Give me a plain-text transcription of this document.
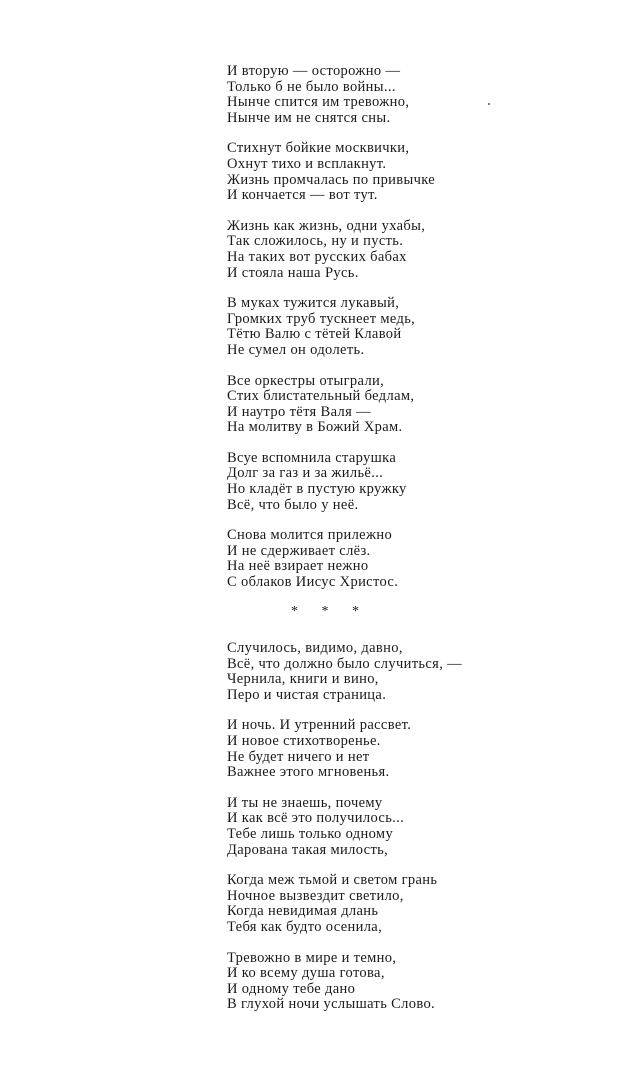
И вторую — осторожно —
Только б не было войны...
Нынче спится им тревожно,
Нынче им не снятся сны.
Стихнут бойкие москвички,
Охнут тихо и всплакнут.
Жизнь промчалась по привычке
И кончается — вот тут.
Жизнь как жизнь, одни ухабы,
Так сложилось, ну и пусть.
На таких вот русских бабах
И стояла наша Русь.
В муках тужится лукавый,
Громких труб тускнеет медь,
Тётю Валю с тётей Клавой
Не сумел он одолеть.
Все оркестры отыграли,
Стих блистательный бедлам,
И наутро тётя Валя —
На молитву в Божий Храм.
Всуе вспомнила старушка
Долг за газ и за жильё...
Но кладёт в пустую кружку
Всё, что было у неё.
Снова молится прилежно
И не сдерживает слёз.
На неё взирает нежно
С облаков Иисус Христос.
* * *
Случилось, видимо, давно,
Всё, что должно было случиться, —
Чернила, книги и вино,
Перо и чистая страница.
И ночь. И утренний рассвет.
И новое стихотворенье.
Не будет ничего и нет
Важнее этого мгновенья.
И ты не знаешь, почему
И как всё это получилось...
Тебе лишь только одному
Дарована такая милость,
Когда меж тьмой и светом грань
Ночное вызвездит светило,
Когда невидимая длань
Тебя как будто осенила,
Тревожно в мире и темно,
И ко всему душа готова,
И одному тебе дано
В глухой ночи услышать Слово.
